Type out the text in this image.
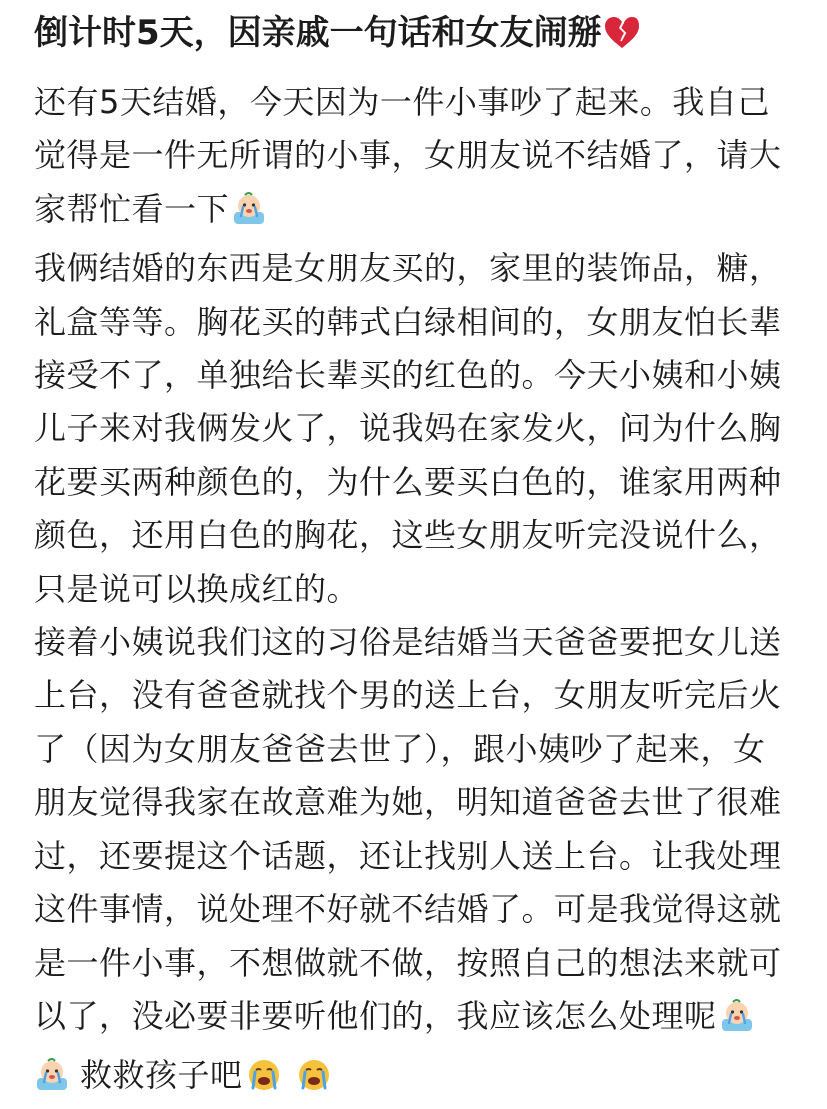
倒计时5天，因亲戚一句话和女友闹掰
还有5天结婚，今天因为一件小事吵了起来。我自己
觉得是一件无所谓的小事，女朋友说不结婚了，请大
家帮忙看一下
我俩结婚的东西是女朋友买的，家里的装饰品，糖，
礼盒等等。胸花买的韩式白绿相间的，女朋友怕长辈
接受不了，单独给长辈买的红色的。今天小姨和小姨
儿子来对我俩发火了，说我妈在家发火，问为什么胸
花要买两种颜色的，为什么要买白色的，谁家用两种
颜色，还用白色的胸花，这些女朋友听完没说什么，
只是说可以换成红的。
接着小姨说我们这的习俗是结婚当天爸爸要把女儿送
上台，没有爸爸就找个男的送上台，女朋友听完后火
了（因为女朋友爸爸去世了），跟小姨吵了起来，女
朋友觉得我家在故意难为她，明知道爸爸去世了很难
过，还要提这个话题，还让找别人送上台。让我处理
这件事情，说处理不好就不结婚了。可是我觉得这就
是一件小事，不想做就不做，按照自己的想法来就可
以了，没必要非要听他们的，我应该怎么处理呢
救救孩子吧
